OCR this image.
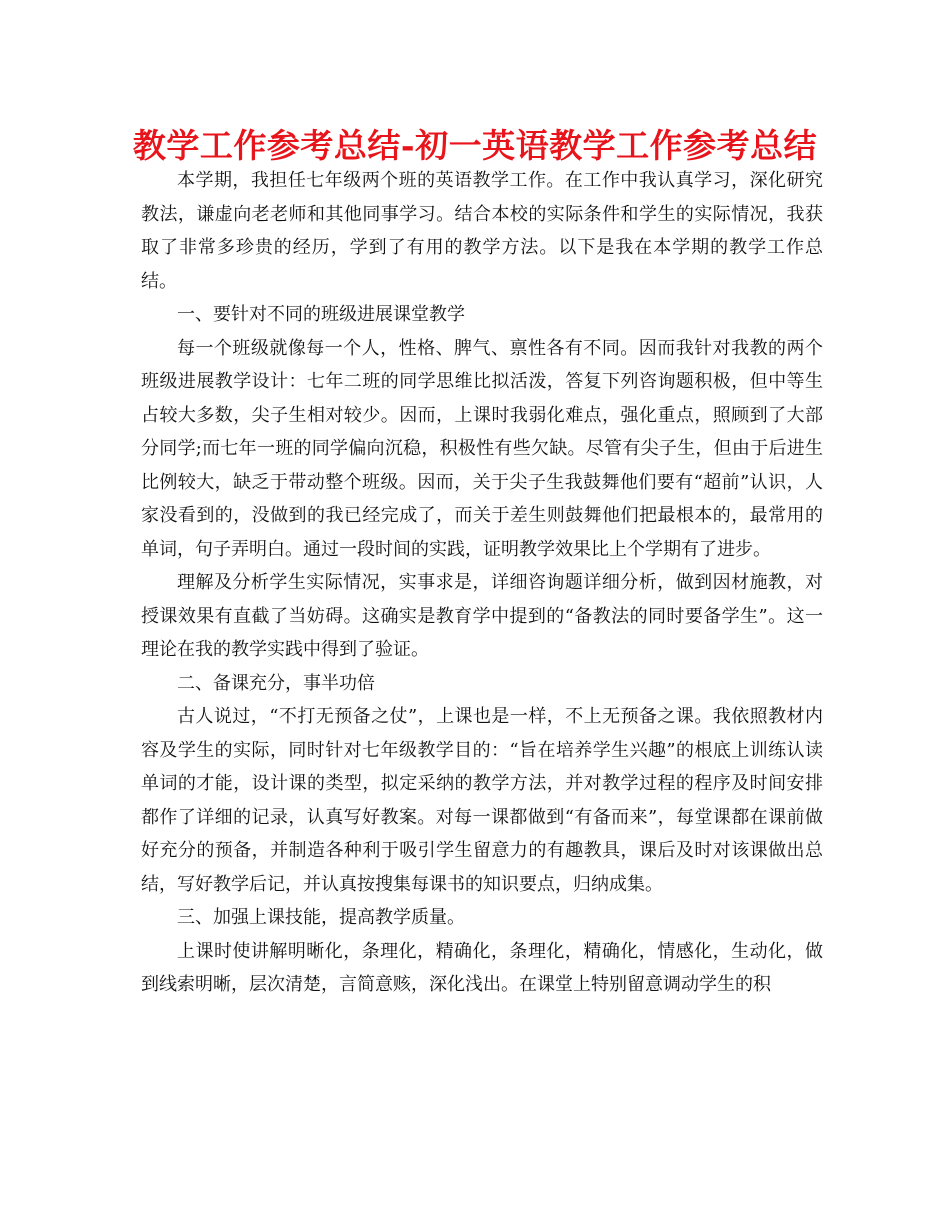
教学工作参考总结-初一英语教学工作参考总结

本学期，我担任七年级两个班的英语教学工作。在工作中我认真学习，深化研究教法，谦虚向老老师和其他同事学习。结合本校的实际条件和学生的实际情况，我获取了非常多珍贵的经历，学到了有用的教学方法。以下是我在本学期的教学工作总结。

一、要针对不同的班级进展课堂教学

每一个班级就像每一个人，性格、脾气、禀性各有不同。因而我针对我教的两个班级进展教学设计：七年二班的同学思维比拟活泼，答复下列咨询题积极，但中等生占较大多数，尖子生相对较少。因而，上课时我弱化难点，强化重点，照顾到了大部分同学;而七年一班的同学偏向沉稳，积极性有些欠缺。尽管有尖子生，但由于后进生比例较大，缺乏于带动整个班级。因而，关于尖子生我鼓舞他们要有“超前”认识，人家没看到的，没做到的我已经完成了，而关于差生则鼓舞他们把最根本的，最常用的单词，句子弄明白。通过一段时间的实践，证明教学效果比上个学期有了进步。

理解及分析学生实际情况，实事求是，详细咨询题详细分析，做到因材施教，对授课效果有直截了当妨碍。这确实是教育学中提到的“备教法的同时要备学生”。这一理论在我的教学实践中得到了验证。

二、备课充分，事半功倍

古人说过，“不打无预备之仗”，上课也是一样，不上无预备之课。我依照教材内容及学生的实际，同时针对七年级教学目的：“旨在培养学生兴趣”的根底上训练认读单词的才能，设计课的类型，拟定采纳的教学方法，并对教学过程的程序及时间安排都作了详细的记录，认真写好教案。对每一课都做到“有备而来”，每堂课都在课前做好充分的预备，并制造各种利于吸引学生留意力的有趣教具，课后及时对该课做出总结，写好教学后记，并认真按搜集每课书的知识要点，归纳成集。

三、加强上课技能，提高教学质量。

上课时使讲解明晰化，条理化，精确化，条理化，精确化，情感化，生动化，做到线索明晰，层次清楚，言简意赅，深化浅出。在课堂上特别留意调动学生的积
